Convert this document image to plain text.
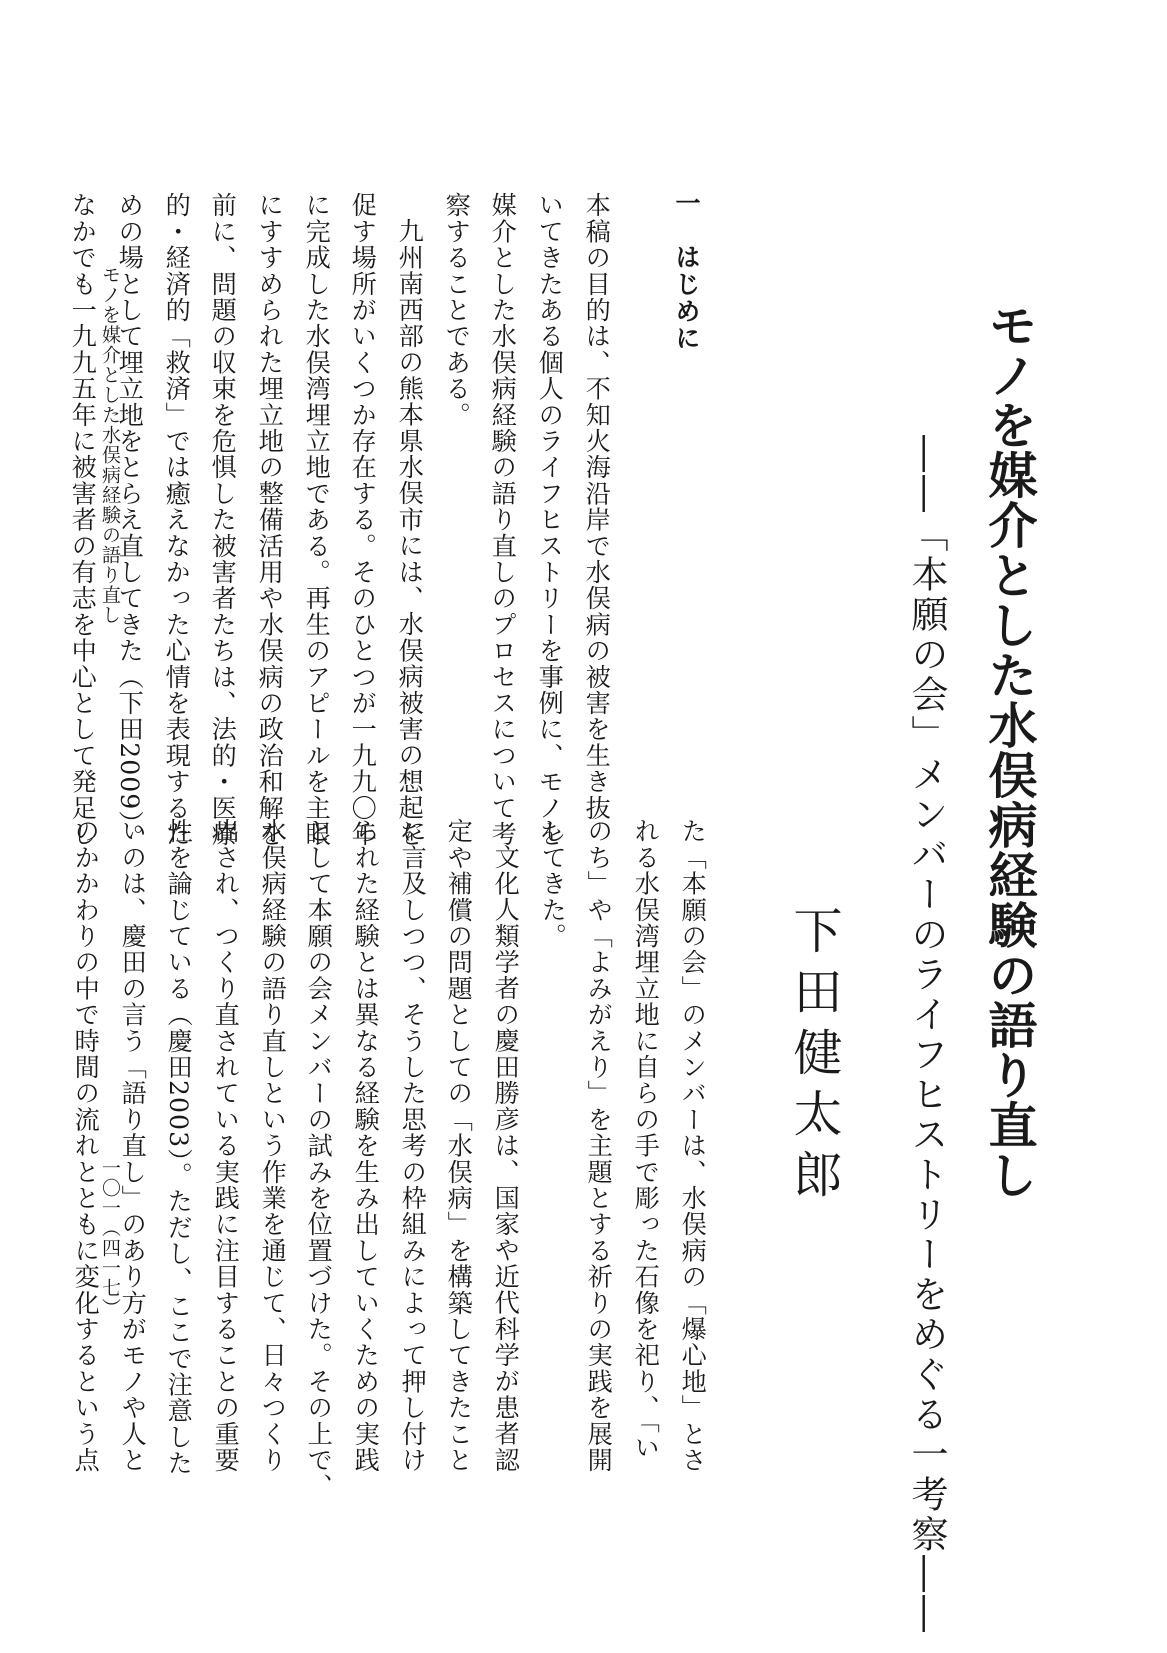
モノを媒介とした水俣病経験の語り直し
――「本願の会」メンバーのライフヒストリーをめぐる一考察――
下田健太郎
一　はじめに

本稿の目的は、不知火海沿岸で水俣病の被害を生き抜

いてきたある個人のライフヒストリーを事例に、モノを

媒介とした水俣病経験の語り直しのプロセスについて考

察することである。

九州南西部の熊本県水俣市には、水俣病被害の想起を

促す場所がいくつか存在する。そのひとつが一九九〇年

に完成した水俣湾埋立地である。再生のアピールを主眼

にすすめられた埋立地の整備活用や水俣病の政治和解を

前に、問題の収束を危惧した被害者たちは、法的・医療

的・経済的「救済」では癒えなかった心情を表現するた

めの場として埋立地をとらえ直してきた（下田2009）。

なかでも一九九五年に被害者の有志を中心として発足し

た「本願の会」のメンバーは、水俣病の「爆心地」とさ

れる水俣湾埋立地に自らの手で彫った石像を祀り、「い

のち」や「よみがえり」を主題とする祈りの実践を展開

してきた。

文化人類学者の慶田勝彦は、国家や近代科学が患者認

定や補償の問題としての「水俣病」を構築してきたこと

に言及しつつ、そうした思考の枠組みによって押し付け

られた経験とは異なる経験を生み出していくための実践

として本願の会メンバーの試みを位置づけた。その上で、

水俣病経験の語り直しという作業を通じて、日々つくり

出され、つくり直されている実践に注目することの重要

性を論じている（慶田2003）。ただし、ここで注意した

いのは、慶田の言う「語り直し」のあり方がモノや人と

のかかわりの中で時間の流れとともに変化するという点

モノを媒介とした水俣病経験の語り直し
一〇一（四一七）
